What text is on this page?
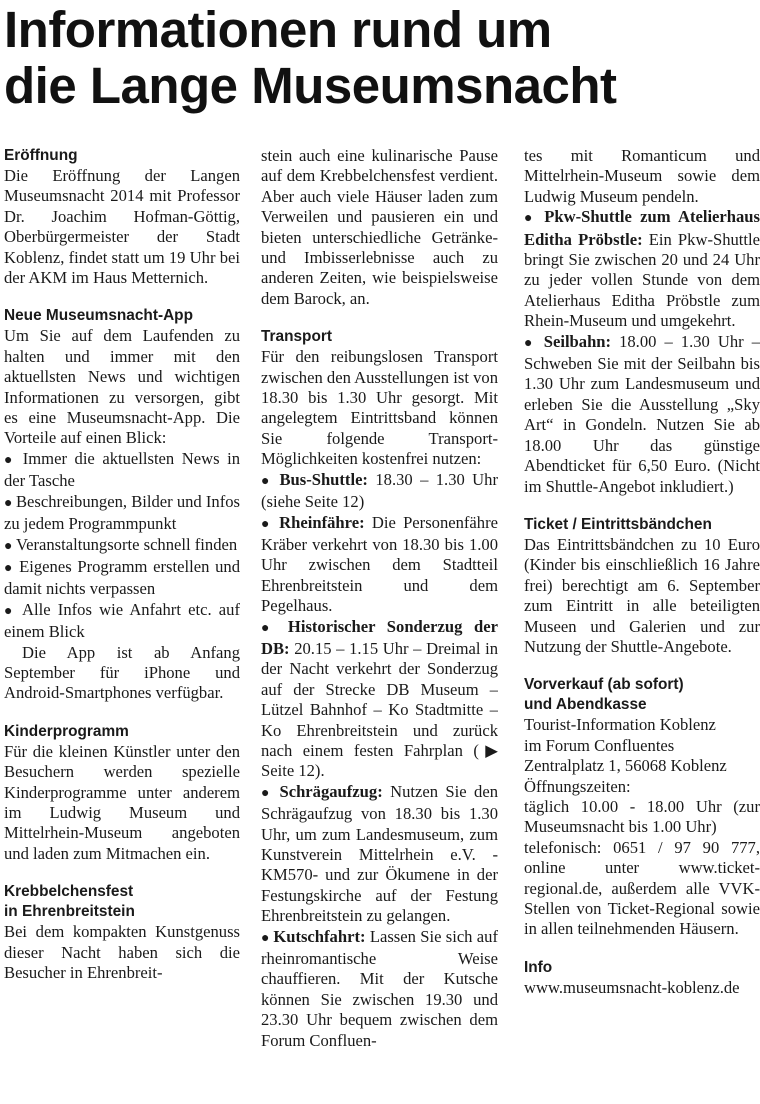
Informationen rund um
die Lange Museumsnacht
Eröffnung

Die Eröffnung der Langen Museumsnacht 2014 mit Professor Dr. Joachim Hofman-Göttig, Oberbürgermeister der Stadt Koblenz, findet statt um 19 Uhr bei der AKM im Haus Metternich.

Neue Museumsnacht-App

Um Sie auf dem Laufenden zu halten und immer mit den aktuellsten News und wichtigen Informationen zu versorgen, gibt es eine Museumsnacht-App. Die Vorteile auf einen Blick:

● Immer die aktuellsten News in der Tasche

● Beschreibungen, Bilder und Infos zu jedem Programmpunkt

● Veranstaltungsorte schnell finden

● Eigenes Programm erstellen und damit nichts verpassen

● Alle Infos wie Anfahrt etc. auf einem Blick

Die App ist ab Anfang September für iPhone und Android-Smartphones verfügbar.

Kinderprogramm

Für die kleinen Künstler unter den Besuchern werden spezielle Kinderprogramme unter anderem im Ludwig Museum und Mittelrhein-Museum angeboten und laden zum Mitmachen ein.

Krebbelchensfest
in Ehrenbreitstein

Bei dem kompakten Kunstgenuss dieser Nacht haben sich die Besucher in Ehrenbreit-

stein auch eine kulinarische Pause auf dem Krebbelchensfest verdient. Aber auch viele Häuser laden zum Verweilen und pausieren ein und bieten unterschiedliche Getränke- und Imbisserlebnisse auch zu anderen Zeiten, wie beispielsweise dem Barock, an.

Transport

Für den reibungslosen Transport zwischen den Ausstellungen ist von 18.30 bis 1.30 Uhr gesorgt. Mit angelegtem Eintrittsband können Sie folgende Transport-Möglichkeiten kostenfrei nutzen:

● Bus-Shuttle: 18.30 – 1.30 Uhr (siehe Seite 12)

● Rheinfähre: Die Personenfähre Kräber verkehrt von 18.30 bis 1.00 Uhr zwischen dem Stadtteil Ehrenbreitstein und dem Pegelhaus.

● Historischer Sonderzug der DB: 20.15 – 1.15 Uhr – Dreimal in der Nacht verkehrt der Sonderzug auf der Strecke DB Museum – Lützel Bahnhof – Ko Stadtmitte – Ko Ehrenbreitstein und zurück nach einem festen Fahrplan (▶ Seite 12).

● Schrägaufzug: Nutzen Sie den Schrägaufzug von 18.30 bis 1.30 Uhr, um zum Landesmuseum, zum Kunstverein Mittelrhein e.V. -KM570- und zur Ökumene in der Festungskirche auf der Festung Ehrenbreitstein zu gelangen.

● Kutschfahrt: Lassen Sie sich auf rheinromantische Weise chauffieren. Mit der Kutsche können Sie zwischen 19.30 und 23.30 Uhr bequem zwischen dem Forum Confluen-

tes mit Romanticum und Mittelrhein-Museum sowie dem Ludwig Museum pendeln.

● Pkw-Shuttle zum Atelierhaus Editha Pröbstle: Ein Pkw-Shuttle bringt Sie zwischen 20 und 24 Uhr zu jeder vollen Stunde von dem Atelierhaus Editha Pröbstle zum Rhein-Museum und umgekehrt.

● Seilbahn: 18.00 – 1.30 Uhr – Schweben Sie mit der Seilbahn bis 1.30 Uhr zum Landesmuseum und erleben Sie die Ausstellung „Sky Art“ in Gondeln. Nutzen Sie ab 18.00 Uhr das günstige Abendticket für 6,50 Euro. (Nicht im Shuttle-Angebot inkludiert.)

Ticket / Eintrittsbändchen

Das Eintrittsbändchen zu 10 Euro (Kinder bis einschließlich 16 Jahre frei) berechtigt am 6. September zum Eintritt in alle beteiligten Museen und Galerien und zur Nutzung der Shuttle-Angebote.

Vorverkauf (ab sofort)
und Abendkasse

Tourist-Information Koblenz

im Forum Confluentes

Zentralplatz 1, 56068 Koblenz

Öffnungszeiten:

täglich 10.00 - 18.00 Uhr (zur Museumsnacht bis 1.00 Uhr)

telefonisch: 0651 / 97 90 777, online unter www.ticket-regional.de, außerdem alle VVK-Stellen von Ticket-Regional sowie in allen teilnehmenden Häusern.

Info

www.museumsnacht-koblenz.de
